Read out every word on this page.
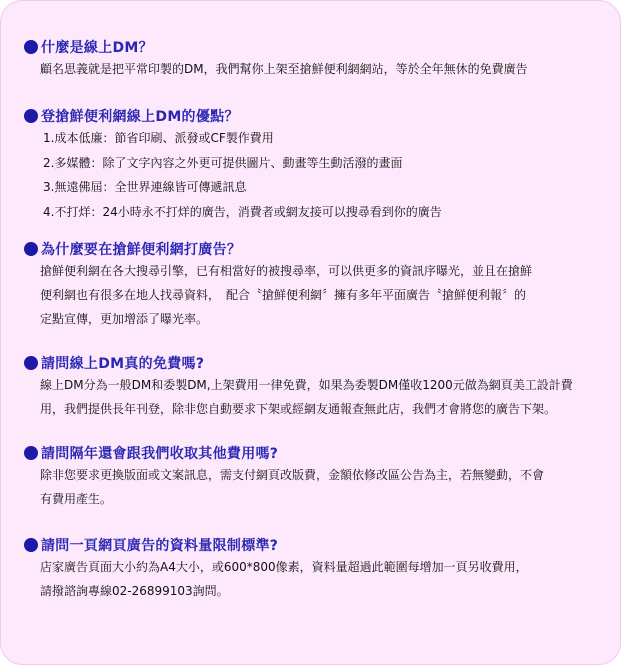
什麼是線上DM？
顧名思義就是把平常印製的DM，我們幫你上架至搶鮮便利網網站，等於全年無休的免費廣告
登搶鮮便利網線上DM的優點？
1.成本低廉：節省印刷、派發或CF製作費用
2.多媒體：除了文字內容之外更可提供圖片、動畫等生動活潑的畫面
3.無遠佛屆：全世界連線皆可傳遞訊息
4.不打烊：24小時永不打烊的廣告，消費者或網友接可以搜尋看到你的廣告
為什麼要在搶鮮便利網打廣告？
搶鮮便利網在各大搜尋引擎，已有相當好的被搜尋率，可以供更多的資訊序曝光，並且在搶鮮
便利網也有很多在地人找尋資料，　配合〝搶鮮便利網〞擁有多年平面廣告〝搶鮮便利報〞的
定點宣傳，更加增添了曝光率。
請問線上DM真的免費嗎?
線上DM分為一般DM和委製DM,上架費用一律免費，如果為委製DM僅收1200元做為網頁美工設計費
用，我們提供長年刊登，除非您自動要求下架或經網友通報查無此店，我們才會將您的廣告下架。
請問隔年還會跟我們收取其他費用嗎?
除非您要求更換版面或文案訊息，需支付網頁改版費，金額依修改區公告為主，若無變動，不會
有費用產生。
請問一頁網頁廣告的資料量限制標準?
店家廣告頁面大小約為A4大小，或600*800像素，資料量超過此範圍每增加一頁另收費用，
請撥諮詢專線02-26899103詢問。
